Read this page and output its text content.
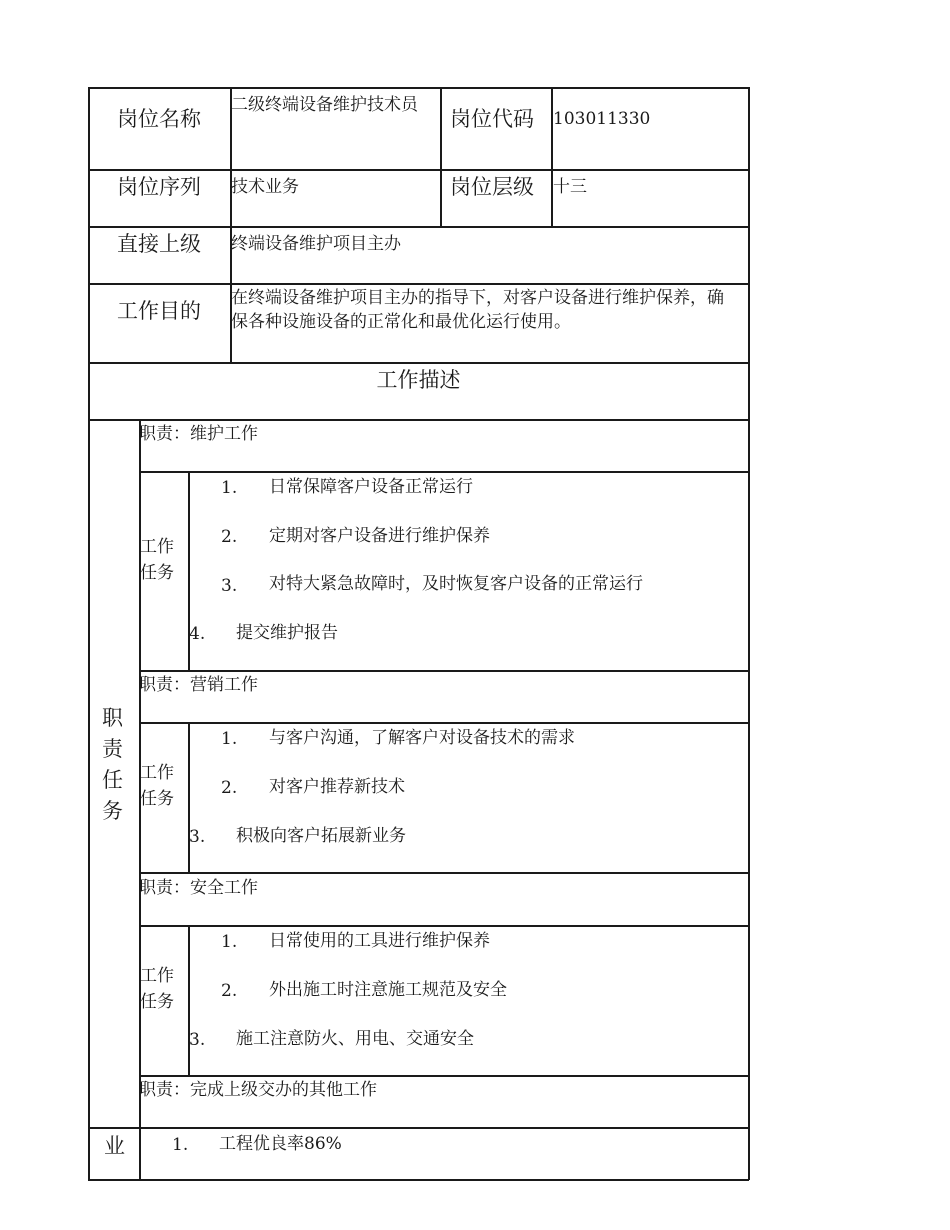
岗位名称
二级终端设备维护技术员
岗位代码 103011330
岗位序列 技术业务	岗位层级 十三
直接上级 终端设备维护项目主办
工作目的
在终端设备维护项目主办的指导下，对客户设备进行维护保养，确保各种设施设备的正常化和最优化运行使用。
工作描述
职责任务
职责：维护工作
工作任务
1. 日常保障客户设备正常运行
2. 定期对客户设备进行维护保养
3. 对特大紧急故障时，及时恢复客户设备的正常运行
4. 提交维护报告
职责：营销工作
工作任务
1. 与客户沟通，了解客户对设备技术的需求
2. 对客户推荐新技术
3. 积极向客户拓展新业务
职责：安全工作
工作任务
1. 日常使用的工具进行维护保养
2. 外出施工时注意施工规范及安全
3. 施工注意防火、用电、交通安全
职责：完成上级交办的其他工作
业	1. 工程优良率86%
